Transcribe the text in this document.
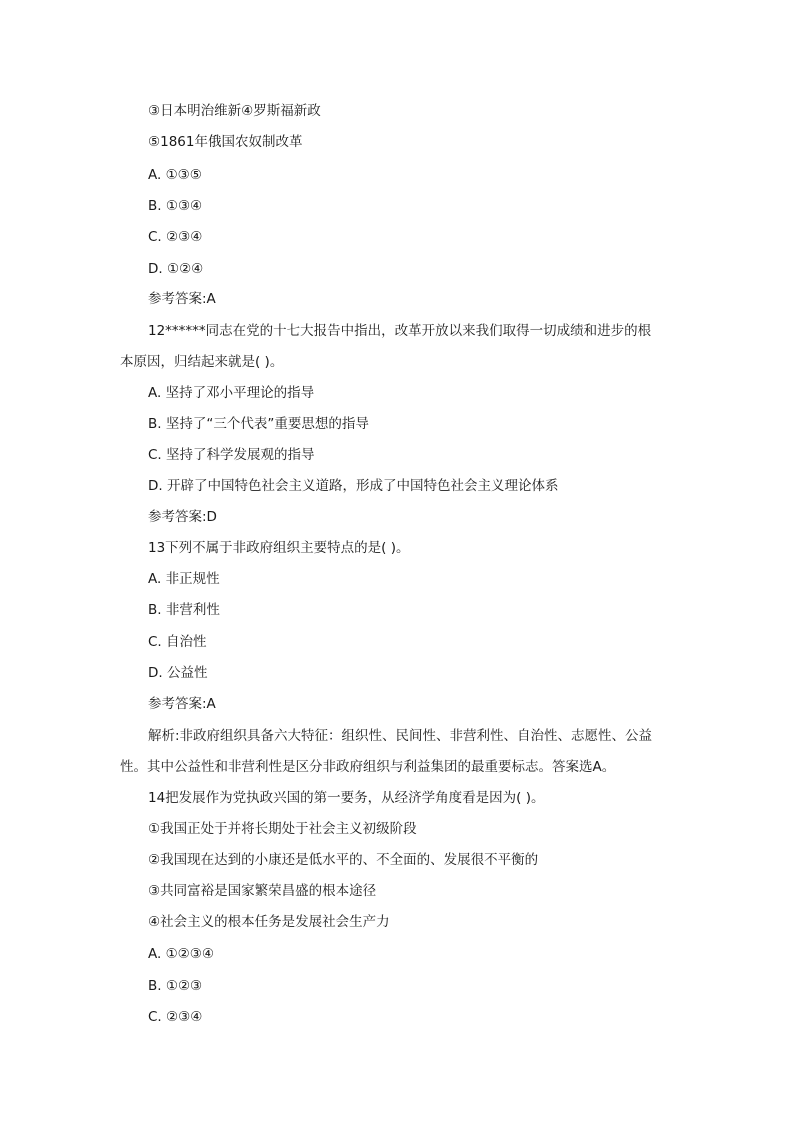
③日本明治维新④罗斯福新政
⑤1861年俄国农奴制改革
A. ①③⑤
B. ①③④
C. ②③④
D. ①②④
参考答案:A
12******同志在党的十七大报告中指出，改革开放以来我们取得一切成绩和进步的根
本原因，归结起来就是( )。
A. 坚持了邓小平理论的指导
B. 坚持了“三个代表”重要思想的指导
C. 坚持了科学发展观的指导
D. 开辟了中国特色社会主义道路，形成了中国特色社会主义理论体系
参考答案:D
13下列不属于非政府组织主要特点的是( )。
A. 非正规性
B. 非营利性
C. 自治性
D. 公益性
参考答案:A
解析:非政府组织具备六大特征：组织性、民间性、非营利性、自治性、志愿性、公益
性。其中公益性和非营利性是区分非政府组织与利益集团的最重要标志。答案选A。
14把发展作为党执政兴国的第一要务，从经济学角度看是因为( )。
①我国正处于并将长期处于社会主义初级阶段
②我国现在达到的小康还是低水平的、不全面的、发展很不平衡的
③共同富裕是国家繁荣昌盛的根本途径
④社会主义的根本任务是发展社会生产力
A. ①②③④
B. ①②③
C. ②③④
